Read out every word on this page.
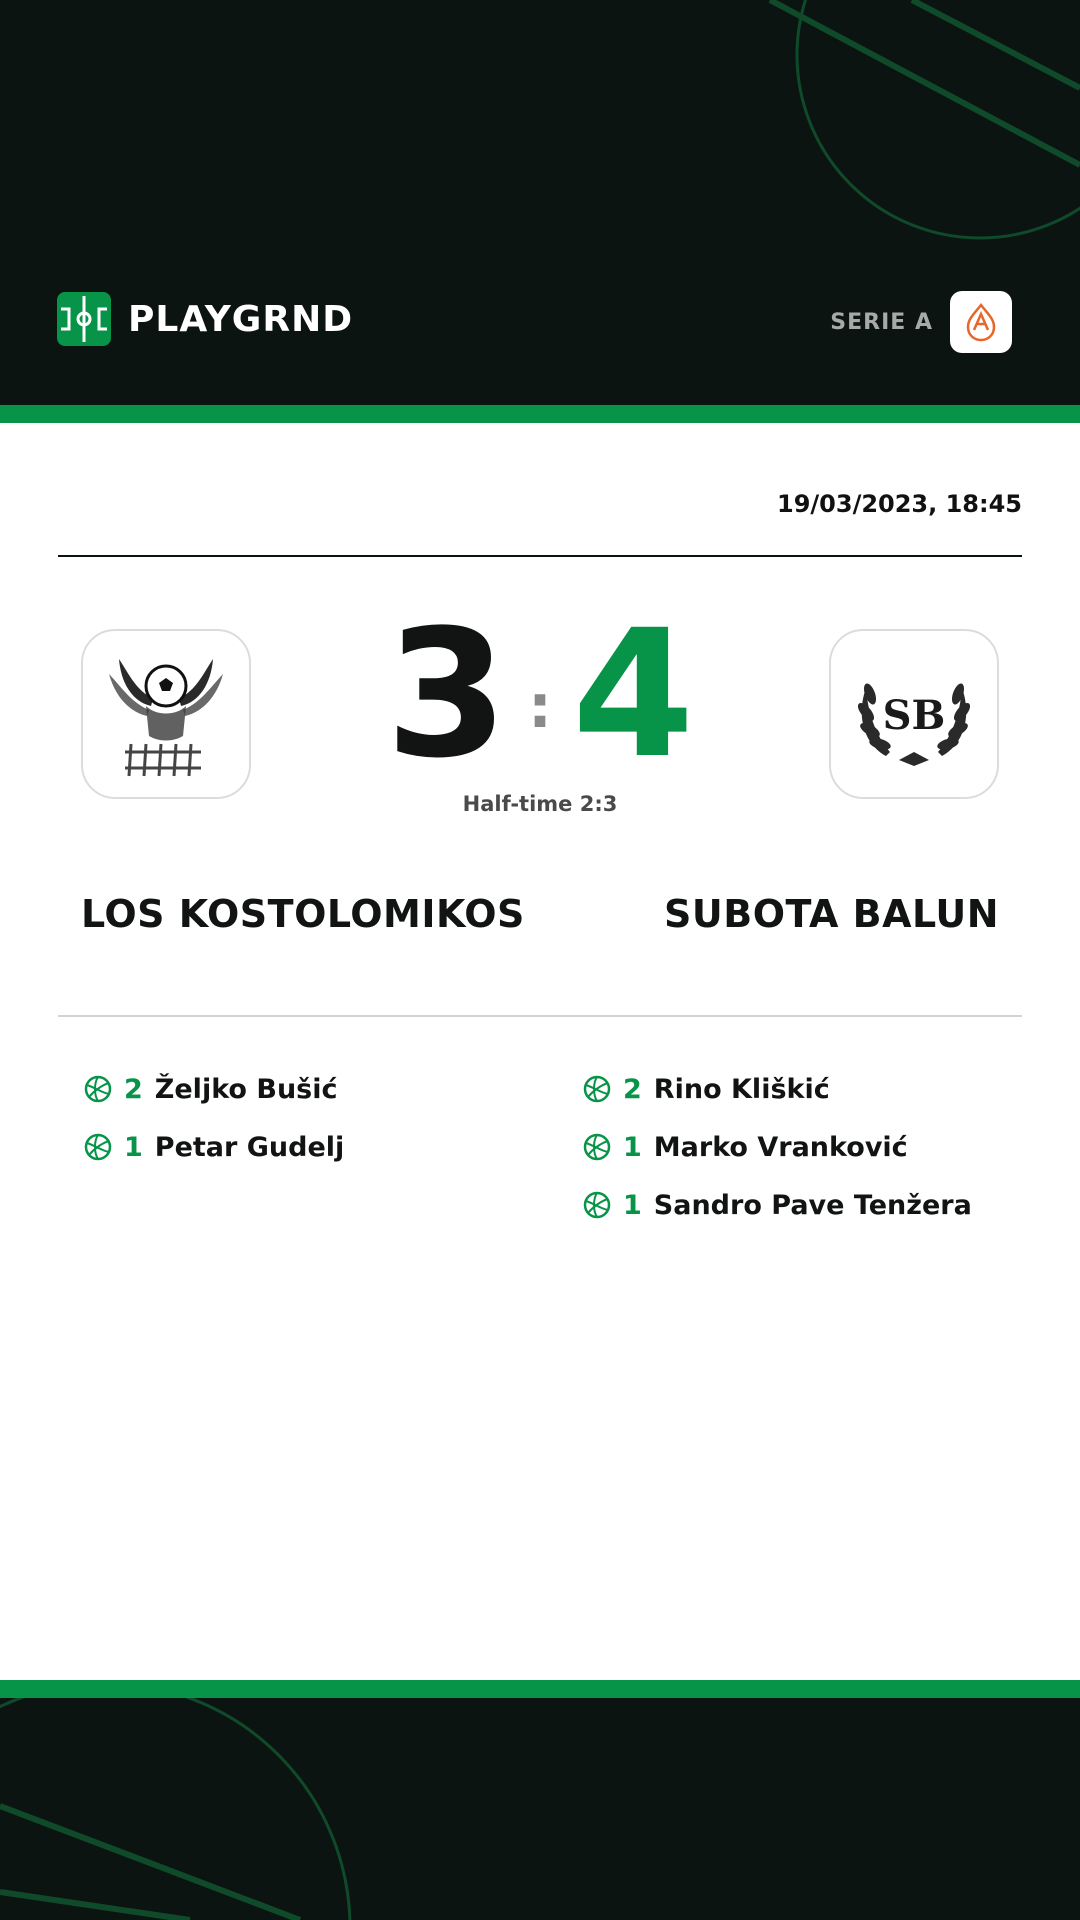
PLAYGRND	SERIE A
19/03/2023, 18:45
3 : 4	SB
Half-time 2:3
LOS KOSTOLOMIKOS	SUBOTA BALUN
2 Željko Bušić
1 Petar Gudelj
2 Rino Kliškić
1 Marko Vranković
1 Sandro Pave Tenžera
